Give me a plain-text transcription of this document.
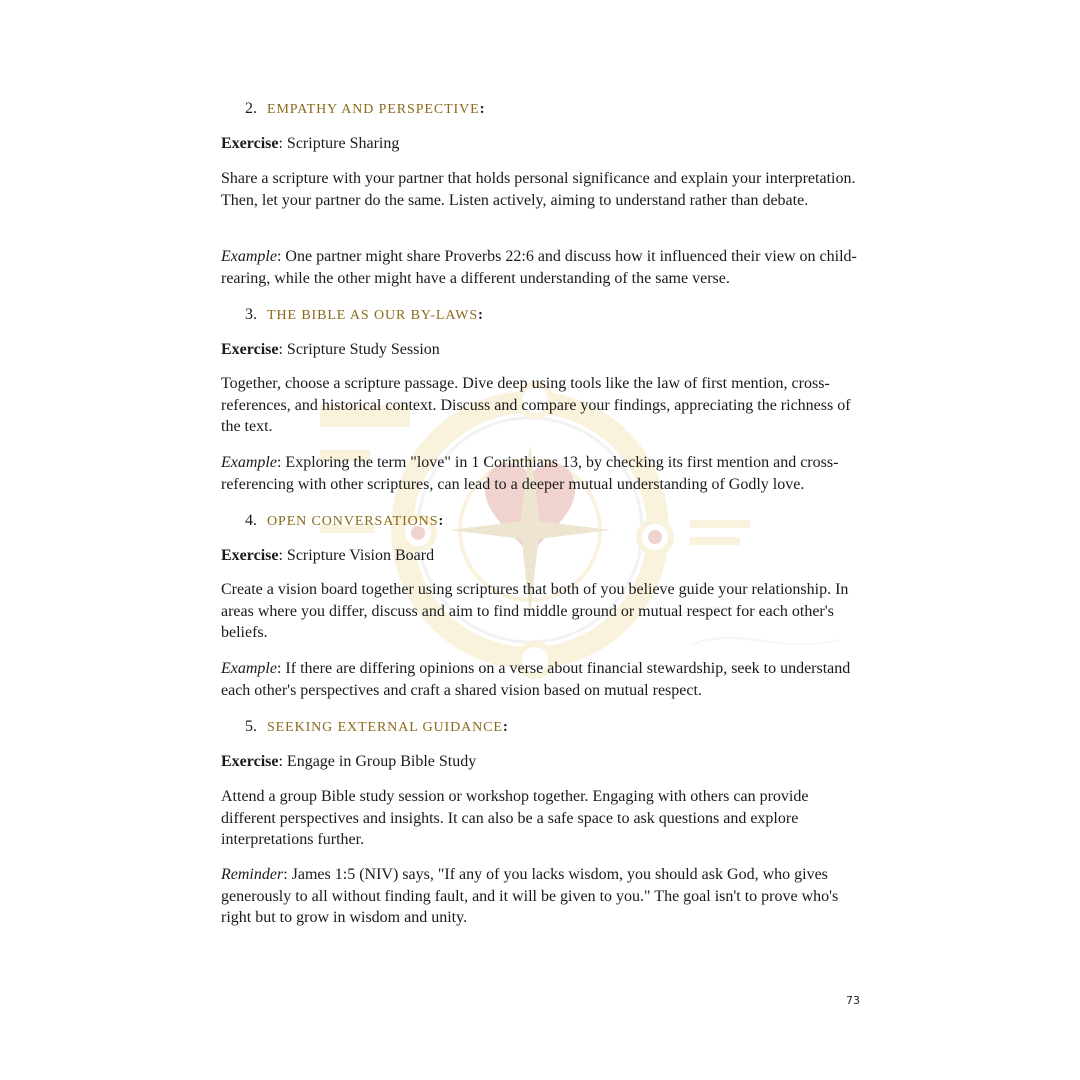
2. EMPATHY AND PERSPECTIVE:
Exercise: Scripture Sharing
Share a scripture with your partner that holds personal significance and explain your interpretation. Then, let your partner do the same. Listen actively, aiming to understand rather than debate.
Example: One partner might share Proverbs 22:6 and discuss how it influenced their view on child-rearing, while the other might have a different understanding of the same verse.
3. THE BIBLE AS OUR BY-LAWS:
Exercise: Scripture Study Session
Together, choose a scripture passage. Dive deep using tools like the law of first mention, cross-references, and historical context. Discuss and compare your findings, appreciating the richness of the text.
Example: Exploring the term "love" in 1 Corinthians 13, by checking its first mention and cross-referencing with other scriptures, can lead to a deeper mutual understanding of Godly love.
4. OPEN CONVERSATIONS:
Exercise: Scripture Vision Board
Create a vision board together using scriptures that both of you believe guide your relationship. In areas where you differ, discuss and aim to find middle ground or mutual respect for each other's beliefs.
Example: If there are differing opinions on a verse about financial stewardship, seek to understand each other's perspectives and craft a shared vision based on mutual respect.
5. SEEKING EXTERNAL GUIDANCE:
Exercise: Engage in Group Bible Study
Attend a group Bible study session or workshop together. Engaging with others can provide different perspectives and insights. It can also be a safe space to ask questions and explore interpretations further.
Reminder: James 1:5 (NIV) says, "If any of you lacks wisdom, you should ask God, who gives generously to all without finding fault, and it will be given to you." The goal isn't to prove who's right but to grow in wisdom and unity.
73
